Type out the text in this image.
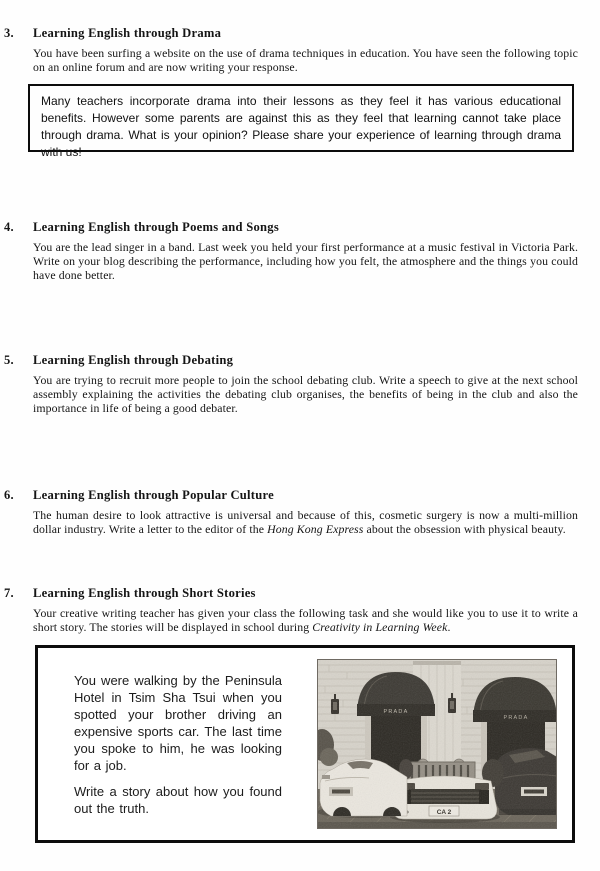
3. Learning English through Drama

You have been surfing a website on the use of drama techniques in education. You have seen the following topic on an online forum and are now writing your response.

Many teachers incorporate drama into their lessons as they feel it has various educational benefits. However some parents are against this as they feel that learning cannot take place through drama. What is your opinion? Please share your experience of learning through drama with us!

4. Learning English through Poems and Songs

You are the lead singer in a band. Last week you held your first performance at a music festival in Victoria Park. Write on your blog describing the performance, including how you felt, the atmosphere and the things you could have done better.

5. Learning English through Debating

You are trying to recruit more people to join the school debating club. Write a speech to give at the next school assembly explaining the activities the debating club organises, the benefits of being in the club and also the importance in life of being a good debater.

6. Learning English through Popular Culture

The human desire to look attractive is universal and because of this, cosmetic surgery is now a multi-million dollar industry. Write a letter to the editor of the Hong Kong Express about the obsession with physical beauty.

7. Learning English through Short Stories

Your creative writing teacher has given your class the following task and she would like you to use it to write a short story. The stories will be displayed in school during Creativity in Learning Week.

You were walking by the Peninsula Hotel in Tsim Sha Tsui when you spotted your brother driving an expensive sports car. The last time you spoke to him, he was looking for a job.

Write a story about how you found out the truth.

PRADA
PRADA
CA 2
